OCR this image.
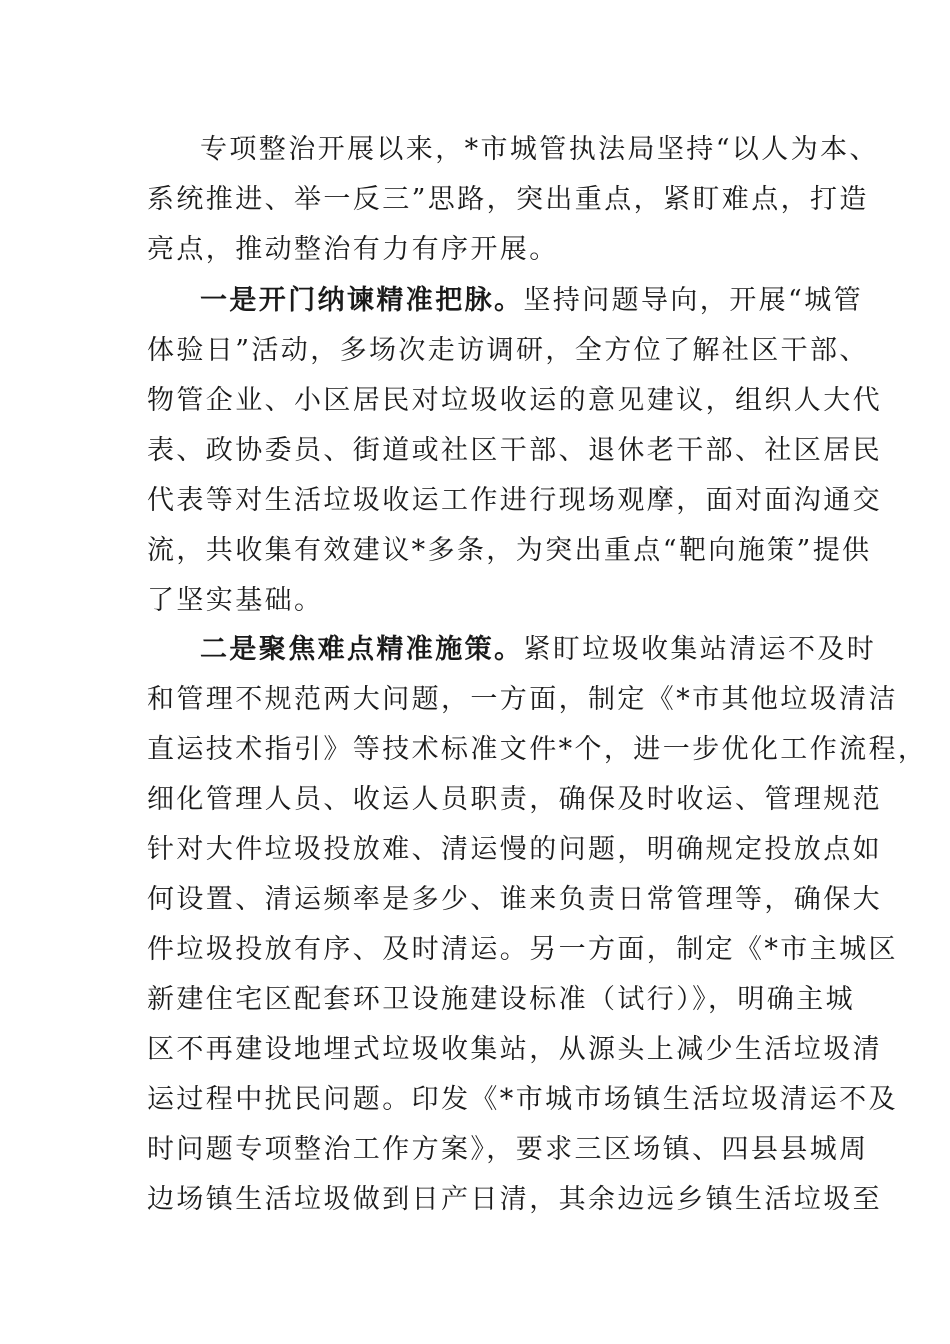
专项整治开展以来，*市城管执法局坚持“以人为本、
系统推进、举一反三”思路，突出重点，紧盯难点，打造
亮点，推动整治有力有序开展。
一是开门纳谏精准把脉。坚持问题导向，开展“城管
体验日”活动，多场次走访调研，全方位了解社区干部、
物管企业、小区居民对垃圾收运的意见建议，组织人大代
表、政协委员、街道或社区干部、退休老干部、社区居民
代表等对生活垃圾收运工作进行现场观摩，面对面沟通交
流，共收集有效建议*多条，为突出重点“靶向施策”提供
了坚实基础。
二是聚焦难点精准施策。紧盯垃圾收集站清运不及时
和管理不规范两大问题，一方面，制定《*市其他垃圾清洁
直运技术指引》等技术标准文件*个，进一步优化工作流程，
细化管理人员、收运人员职责，确保及时收运、管理规范
针对大件垃圾投放难、清运慢的问题，明确规定投放点如
何设置、清运频率是多少、谁来负责日常管理等，确保大
件垃圾投放有序、及时清运。另一方面，制定《*市主城区
新建住宅区配套环卫设施建设标准（试行）》，明确主城
区不再建设地埋式垃圾收集站，从源头上减少生活垃圾清
运过程中扰民问题。印发《*市城市场镇生活垃圾清运不及
时问题专项整治工作方案》，要求三区场镇、四县县城周
边场镇生活垃圾做到日产日清，其余边远乡镇生活垃圾至
